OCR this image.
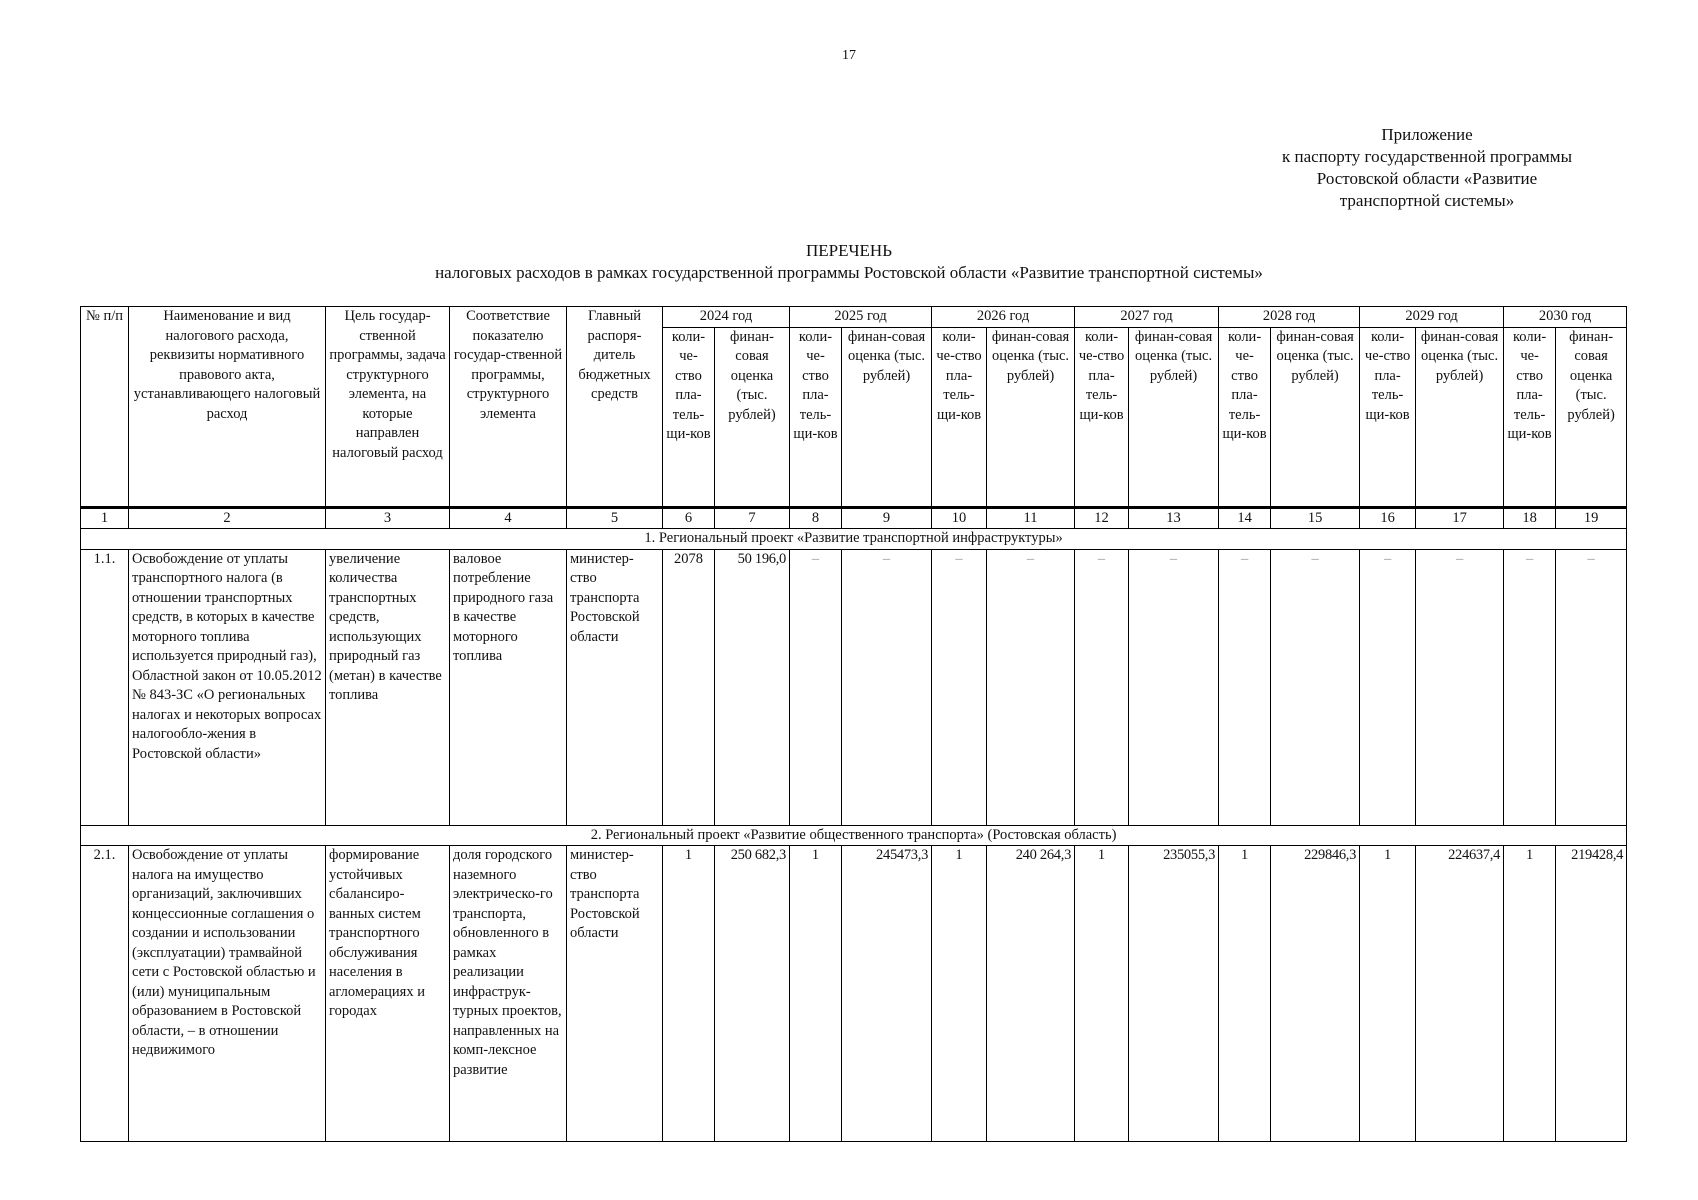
17
Приложение
к паспорту государственной программы
Ростовской области «Развитие
транспортной системы»
ПЕРЕЧЕНЬ
налоговых расходов в рамках государственной программы Ростовской области «Развитие транспортной системы»
№ п/п	Наименование и вид налогового расхода, реквизиты нормативного правового акта, устанавливающего налоговый расход	Цель государ-ственной программы, задача структурного элемента, на которые направлен налоговый расход	Соответствие показателю государ-ственной программы, структурного элемента	Главный распоря-дитель бюджетных средств	2024 год		2025 год		2026 год		2027 год		2028 год		2029 год		2030 год	
					коли-че-ство пла-тель-щи-ков	финан-совая оценка (тыс. рублей)	коли-че-ство пла-тель-щи-ков	финан-совая оценка (тыс. рублей)	коли-че-ство пла-тель-щи-ков	финан-совая оценка (тыс. рублей)	коли-че-ство пла-тель-щи-ков	финан-совая оценка (тыс. рублей)	коли-че-ство пла-тель-щи-ков	финан-совая оценка (тыс. рублей)	коли-че-ство пла-тель-щи-ков	финан-совая оценка (тыс. рублей)	коли-че-ство пла-тель-щи-ков	финан-совая оценка (тыс. рублей)
1	2	3	4	5	6	7	8	9	10	11	12	13	14	15	16	17	18	19
1. Региональный проект «Развитие транспортной инфраструктуры»																		
1.1.	Освобождение от уплаты транспортного налога (в отношении транспортных средств, в которых в качестве моторного топлива используется природный газ), Областной закон от 10.05.2012 № 843-ЗС «О региональных налогах и некоторых вопросах налогообло-жения в Ростовской области»	увеличение количества транспортных средств, использующих природный газ (метан) в качестве топлива	валовое потребление природного газа в качестве моторного топлива	министер-ство транспорта Ростовской области	2078	50 196,0	–	–	–	–	–	–	–	–	–	–	–	–
2. Региональный проект «Развитие общественного транспорта» (Ростовская область)																		
2.1.	Освобождение от уплаты налога на имущество организаций, заключивших концессионные соглашения о создании и использовании (эксплуатации) трамвайной сети с Ростовской областью и (или) муниципальным образованием в Ростовской области, – в отношении недвижимого	формирование устойчивых сбалансиро-ванных систем транспортного обслуживания населения в агломерациях и городах	доля городского наземного электрическо-го транспорта, обновленного в рамках реализации инфраструк-турных проектов, направленных на комп-лексное развитие	министер-ство транспорта Ростовской области	1	250 682,3	1	245473,3	1	240 264,3	1	235055,3	1	229846,3	1	224637,4	1	219428,4
